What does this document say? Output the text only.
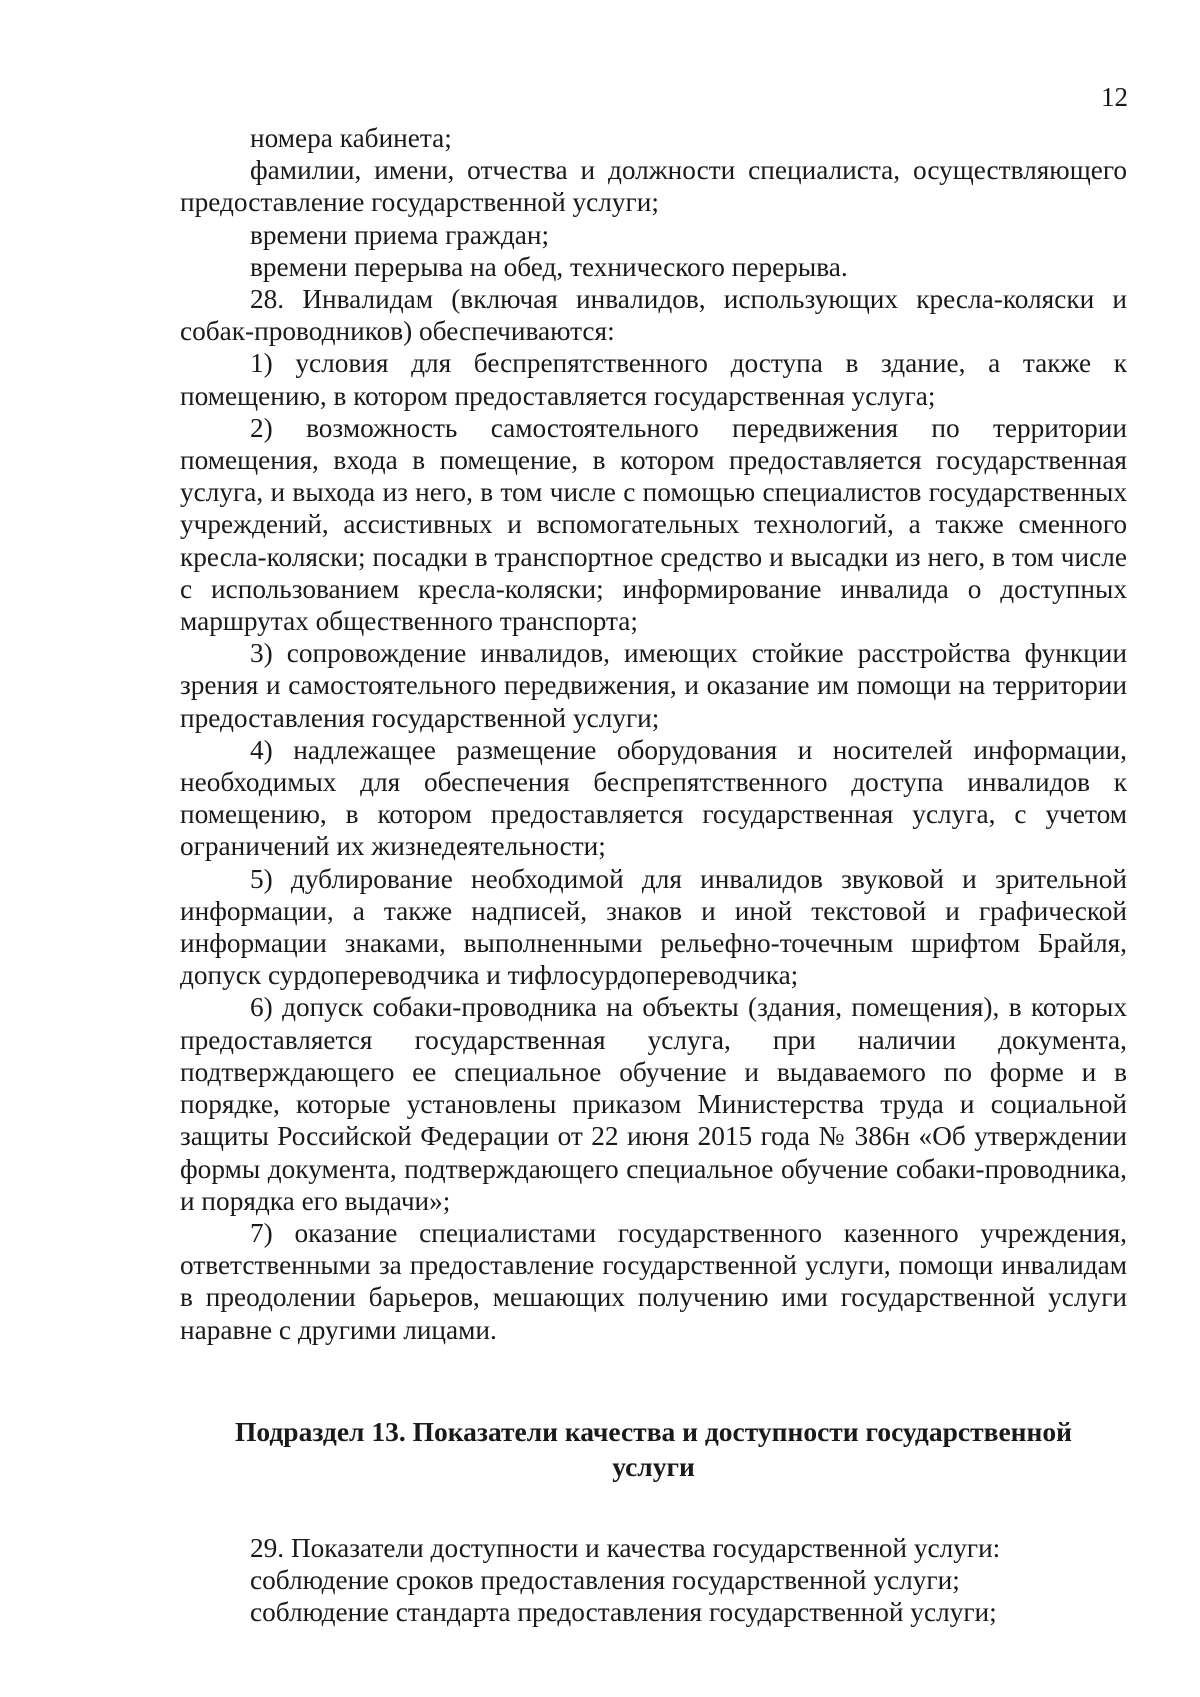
12

номера кабинета;

фамилии, имени, отчества и должности специалиста, осуществляющего предоставление государственной услуги;

времени приема граждан;

времени перерыва на обед, технического перерыва.

28. Инвалидам (включая инвалидов, использующих кресла-коляски и собак-проводников) обеспечиваются:

1) условия для беспрепятственного доступа в здание, а также к помещению, в котором предоставляется государственная услуга;

2) возможность самостоятельного передвижения по территории помещения, входа в помещение, в котором предоставляется государственная услуга, и выхода из него, в том числе с помощью специалистов государственных учреждений, ассистивных и вспомогательных технологий, а также сменного кресла-коляски; посадки в транспортное средство и высадки из него, в том числе с использованием кресла-коляски; информирование инвалида о доступных маршрутах общественного транспорта;

3) сопровождение инвалидов, имеющих стойкие расстройства функции зрения и самостоятельного передвижения, и оказание им помощи на территории предоставления государственной услуги;

4) надлежащее размещение оборудования и носителей информации, необходимых для обеспечения беспрепятственного доступа инвалидов к помещению, в котором предоставляется государственная услуга, с учетом ограничений их жизнедеятельности;

5) дублирование необходимой для инвалидов звуковой и зрительной информации, а также надписей, знаков и иной текстовой и графической информации знаками, выполненными рельефно-точечным шрифтом Брайля, допуск сурдопереводчика и тифлосурдопереводчика;

6) допуск собаки-проводника на объекты (здания, помещения), в которых предоставляется государственная услуга, при наличии документа, подтверждающего ее специальное обучение и выдаваемого по форме и в порядке, которые установлены приказом Министерства труда и социальной защиты Российской Федерации от 22 июня 2015 года № 386н «Об утверждении формы документа, подтверждающего специальное обучение собаки-проводника, и порядка его выдачи»;

7) оказание специалистами государственного казенного учреждения, ответственными за предоставление государственной услуги, помощи инвалидам в преодолении барьеров, мешающих получению ими государственной услуги наравне с другими лицами.

Подраздел 13. Показатели качества и доступности государственной услуги

29. Показатели доступности и качества государственной услуги:

соблюдение сроков предоставления государственной услуги;

соблюдение стандарта предоставления государственной услуги;
